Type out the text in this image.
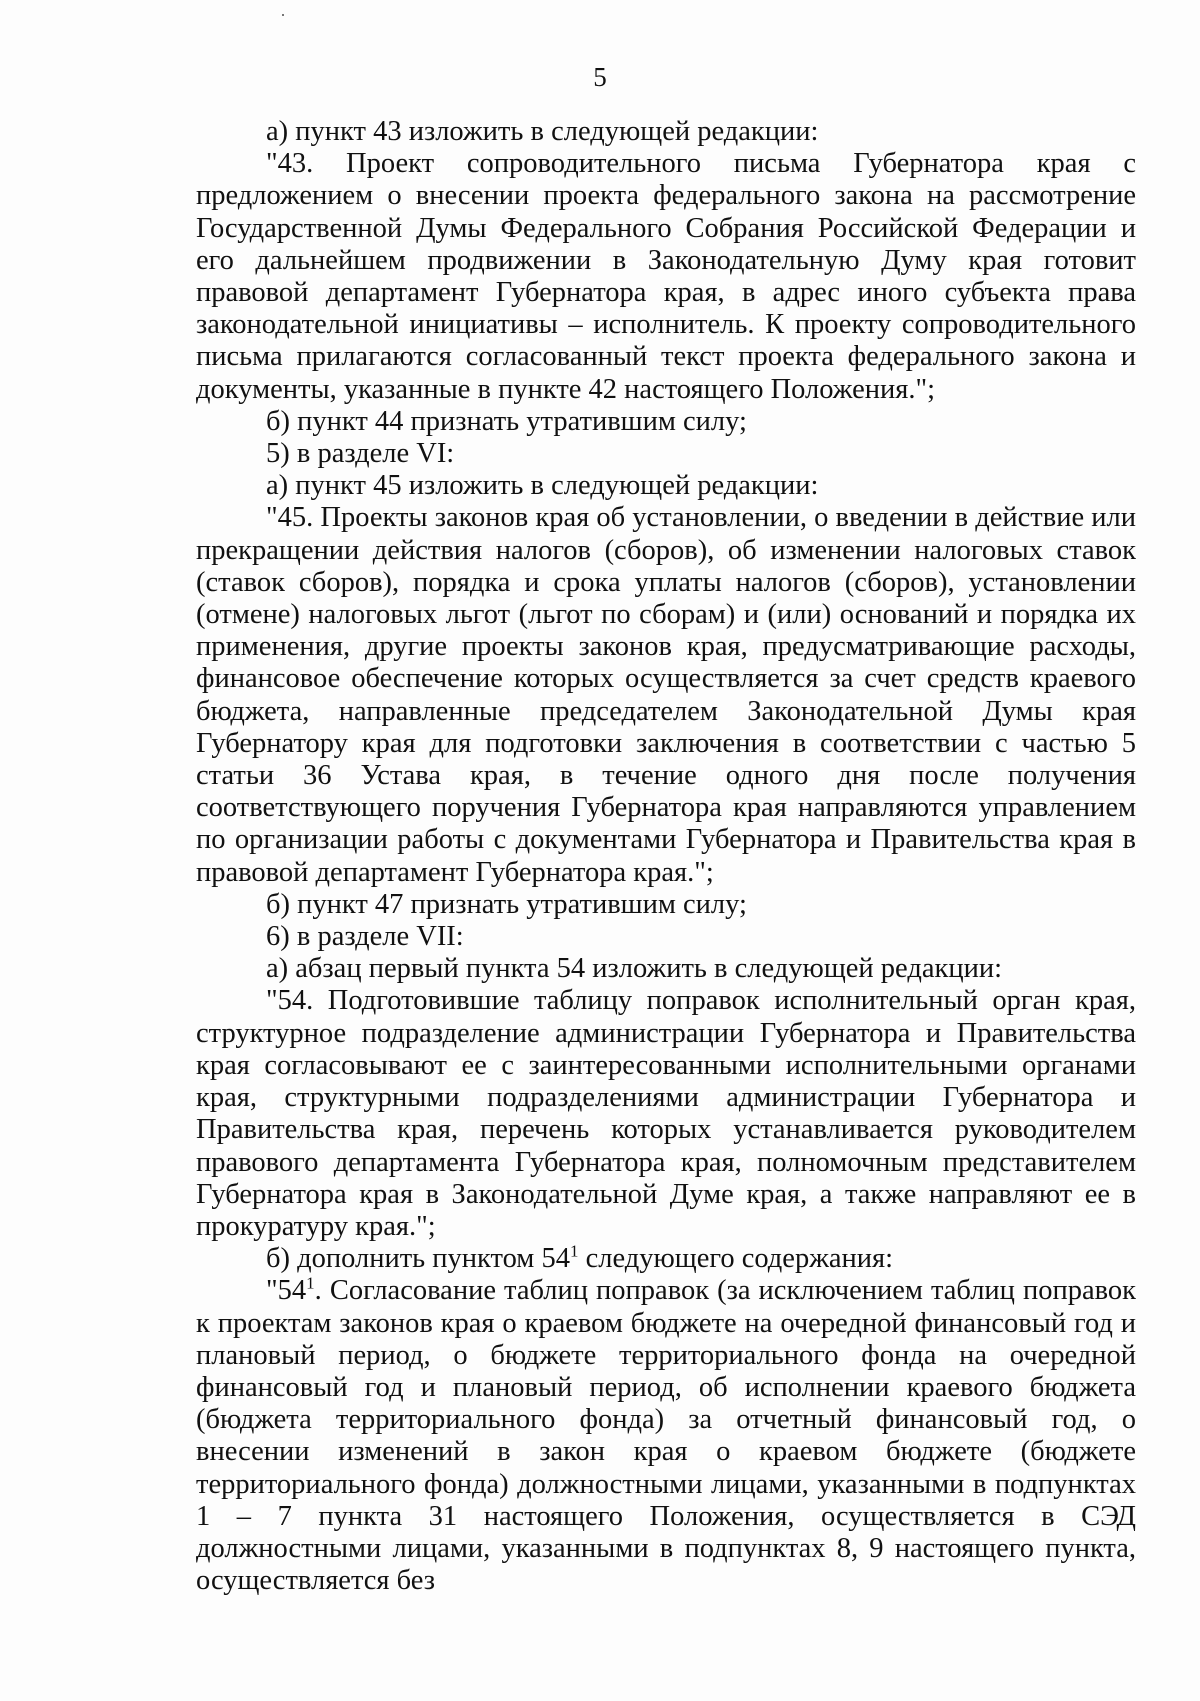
5

а) пункт 43 изложить в следующей редакции:

"43. Проект сопроводительного письма Губернатора края с предложением о внесении проекта федерального закона на рассмотрение Государственной Думы Федерального Собрания Российской Федерации и его дальнейшем продвижении в Законодательную Думу края готовит правовой департамент Губернатора края, в адрес иного субъекта права законодательной инициативы – исполнитель. К проекту сопроводительного письма прилагаются согласованный текст проекта федерального закона и документы, указанные в пункте 42 настоящего Положения.";

б) пункт 44 признать утратившим силу;

5) в разделе VI:

а) пункт 45 изложить в следующей редакции:

"45. Проекты законов края об установлении, о введении в действие или прекращении действия налогов (сборов), об изменении налоговых ставок (ставок сборов), порядка и срока уплаты налогов (сборов), установлении (отмене) налоговых льгот (льгот по сборам) и (или) оснований и порядка их применения, другие проекты законов края, предусматривающие расходы, финансовое обеспечение которых осуществляется за счет средств краевого бюджета, направленные председателем Законодательной Думы края Губернатору края для подготовки заключения в соответствии с частью 5 статьи 36 Устава края, в течение одного дня после получения соответствующего поручения Губернатора края направляются управлением по организации работы с документами Губернатора и Правительства края в правовой департамент Губернатора края.";

б) пункт 47 признать утратившим силу;

6) в разделе VII:

а) абзац первый пункта 54 изложить в следующей редакции:

"54. Подготовившие таблицу поправок исполнительный орган края, структурное подразделение администрации Губернатора и Правительства края согласовывают ее с заинтересованными исполнительными органами края, структурными подразделениями администрации Губернатора и Правительства края, перечень которых устанавливается руководителем правового департамента Губернатора края, полномочным представителем Губернатора края в Законодательной Думе края, а также направляют ее в прокуратуру края.";

б) дополнить пунктом $54^1$ следующего содержания:

"$54^1$. Согласование таблиц поправок (за исключением таблиц поправок к проектам законов края о краевом бюджете на очередной финансовый год и плановый период, о бюджете территориального фонда на очередной финансовый год и плановый период, об исполнении краевого бюджета (бюджета территориального фонда) за отчетный финансовый год, о внесении изменений в закон края о краевом бюджете (бюджете территориального фонда) должностными лицами, указанными в подпунктах 1 – 7 пункта 31 настоящего Положения, осуществляется в СЭД должностными лицами, указанными в подпунктах 8, 9 настоящего пункта, осуществляется без
